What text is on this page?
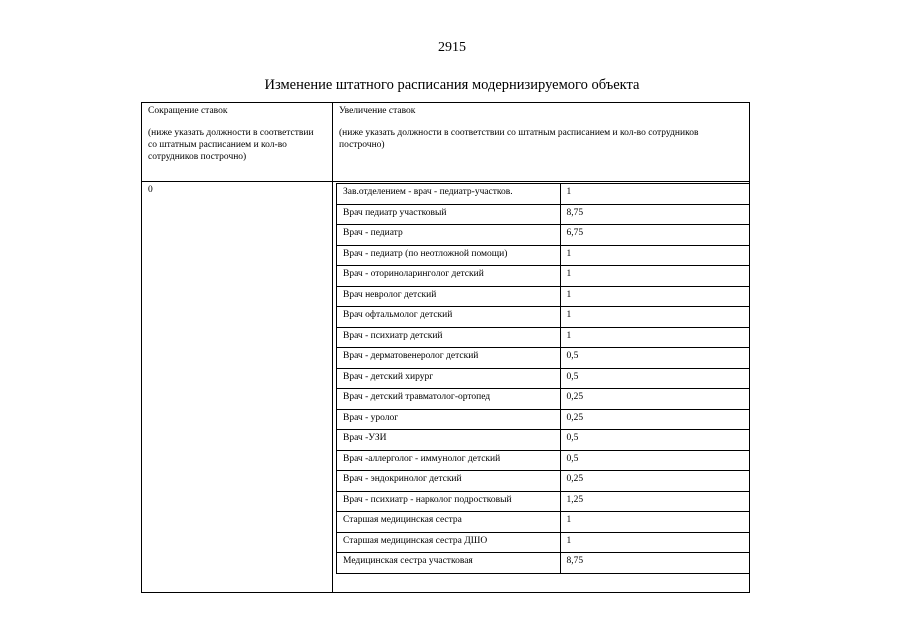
2915
Изменение штатного расписания модернизируемого объекта
Сокращение ставок
(ниже указать должности в соответствии со штатным расписанием и кол-во сотрудников построчно)
Увеличение ставок
(ниже указать должности в соответствии со штатным расписанием и кол-во сотрудников построчно)
0	Зав.отделением - врач - педиатр-участков.	1
Врач педиатр участковый	8,75
Врач - педиатр	6,75
Врач - педиатр (по неотложной помощи)	1
Врач - оториноларинголог детский	1
Врач невролог детский	1
Врач офтальмолог детский	1
Врач - психиатр детский	1
Врач - дерматовенеролог детский	0,5
Врач - детский хирург	0,5
Врач - детский травматолог-ортопед	0,25
Врач - уролог	0,25
Врач -УЗИ	0,5
Врач -аллерголог - иммунолог детский	0,5
Врач - эндокринолог детский	0,25
Врач - психиатр - нарколог подростковый	1,25
Старшая медицинская сестра	1
Старшая медицинская сестра ДШО	1
Медицинская сестра участковая	8,75
